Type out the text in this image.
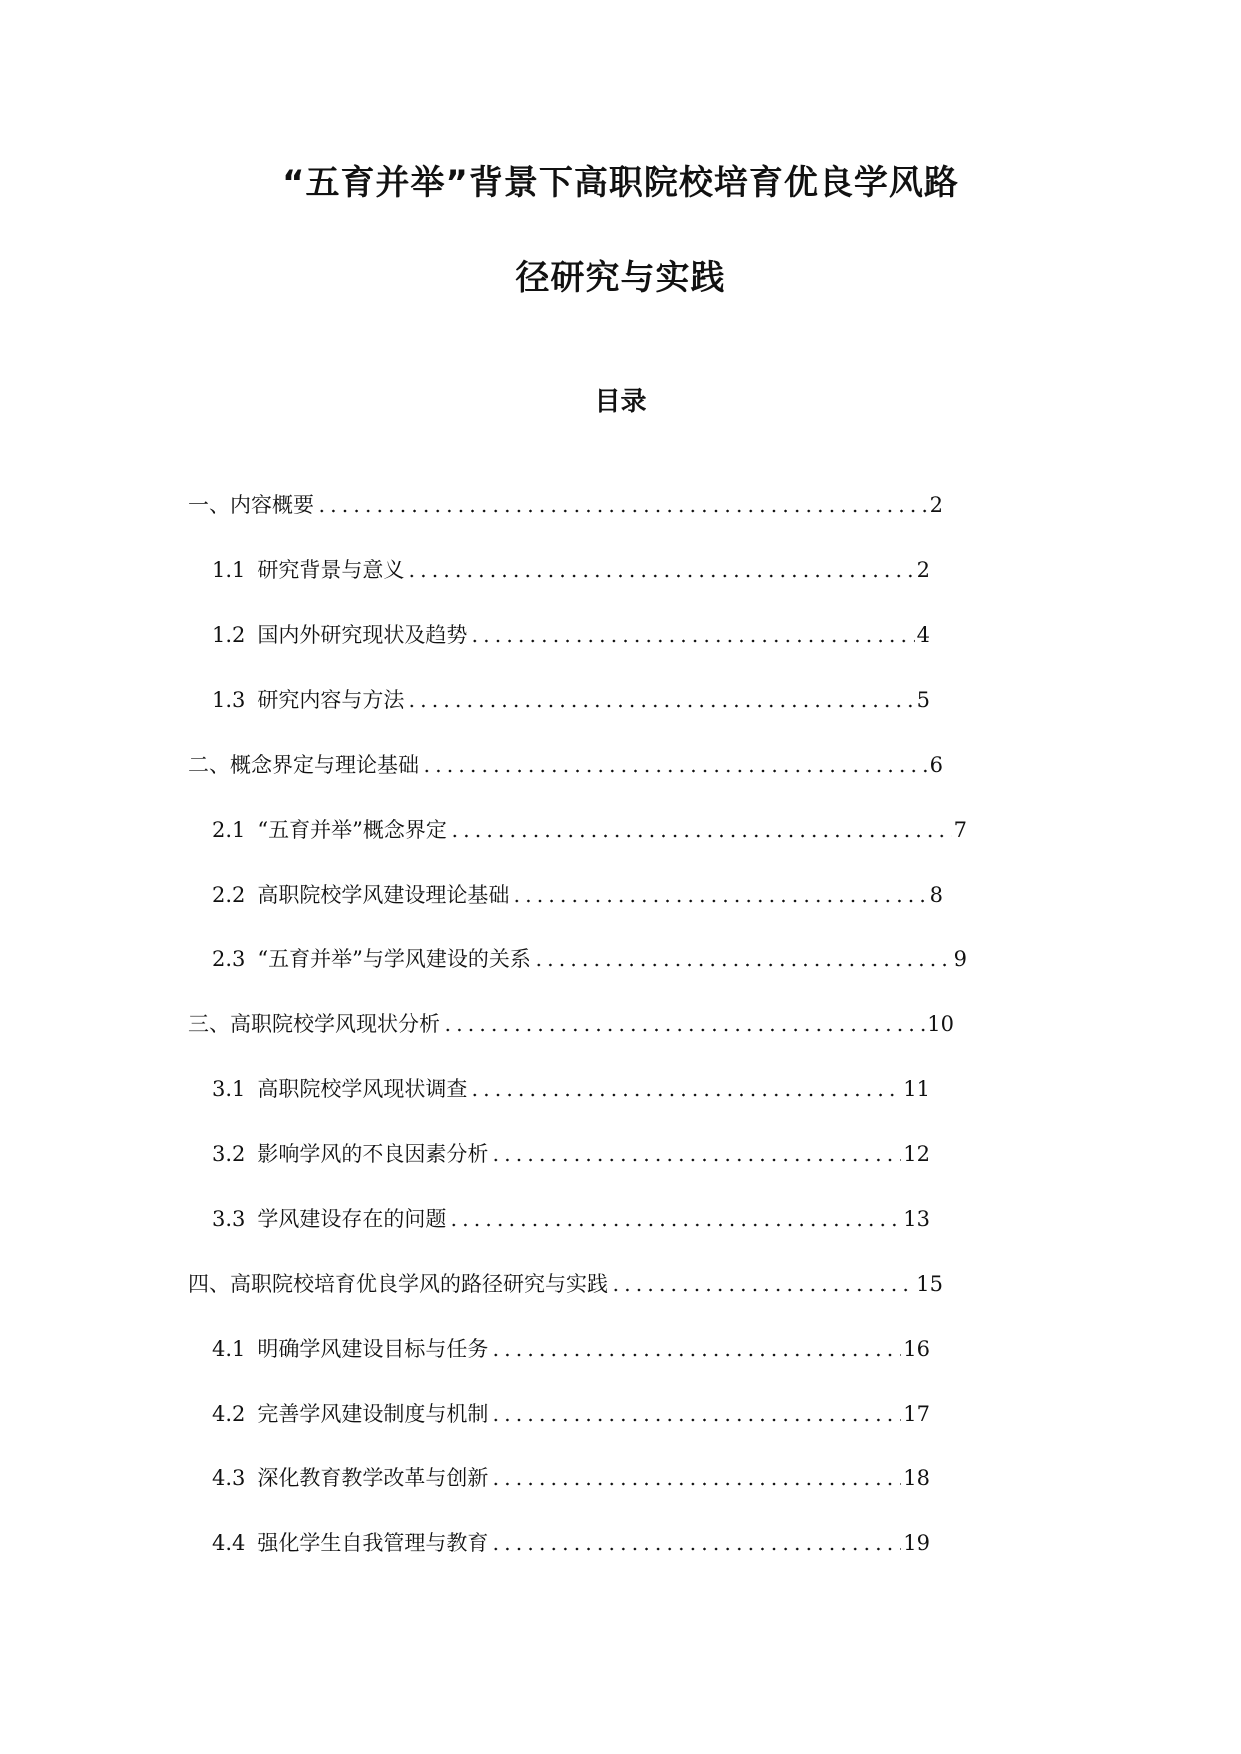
“五育并举”背景下高职院校培育优良学风路
径研究与实践
目录
一、内容概要	2
1.1 研究背景与意义	2
1.2 国内外研究现状及趋势	4
1.3 研究内容与方法	5
二、概念界定与理论基础	6
2.1 “五育并举”概念界定	7
2.2 高职院校学风建设理论基础	8
2.3 “五育并举”与学风建设的关系	9
三、高职院校学风现状分析	10
3.1 高职院校学风现状调查	11
3.2 影响学风的不良因素分析	12
3.3 学风建设存在的问题	13
四、高职院校培育优良学风的路径研究与实践	15
4.1 明确学风建设目标与任务	16
4.2 完善学风建设制度与机制	17
4.3 深化教育教学改革与创新	18
4.4 强化学生自我管理与教育	19
